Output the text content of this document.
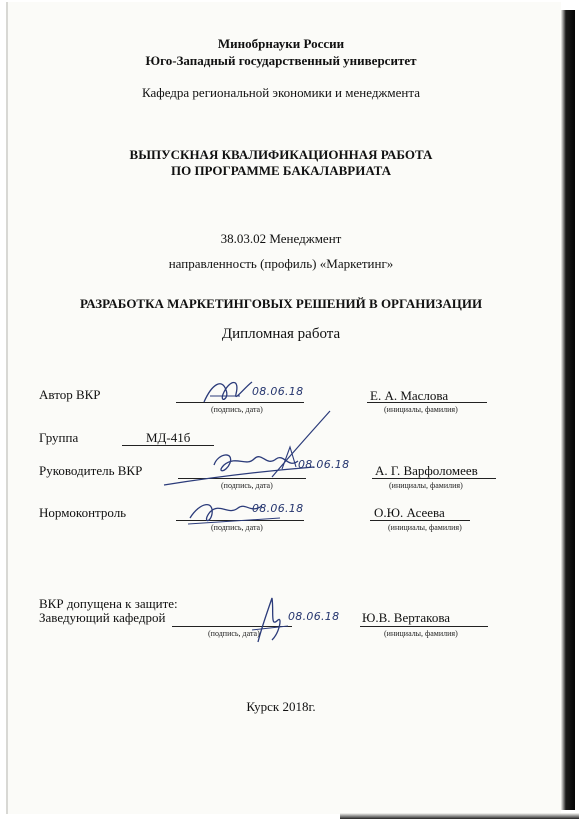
Минобрнауки России
Юго-Западный государственный университет
Кафедра региональной экономики и менеджмента
ВЫПУСКНАЯ КВАЛИФИКАЦИОННАЯ РАБОТА
ПО ПРОГРАММЕ БАКАЛАВРИАТА
38.03.02 Менеджмент
направленность (профиль) «Маркетинг»
РАЗРАБОТКА МАРКЕТИНГОВЫХ РЕШЕНИЙ В ОРГАНИЗАЦИИ
Дипломная работа
Автор ВКР	08.06.18
(подпись, дата)
Е. А. Маслова
(инициалы, фамилия)
Группа	МД-41б
Руководитель ВКР	08.06.18
(подпись, дата)
А. Г. Варфоломеев
(инициалы, фамилия)
Нормоконтроль	08.06.18
(подпись, дата)
О.Ю. Асеева
(инициалы, фамилия)
ВКР допущена к защите:
Заведующий кафедрой	08.06.18
(подпись, дата)
Ю.В. Вертакова
(инициалы, фамилия)
Курск 2018г.
